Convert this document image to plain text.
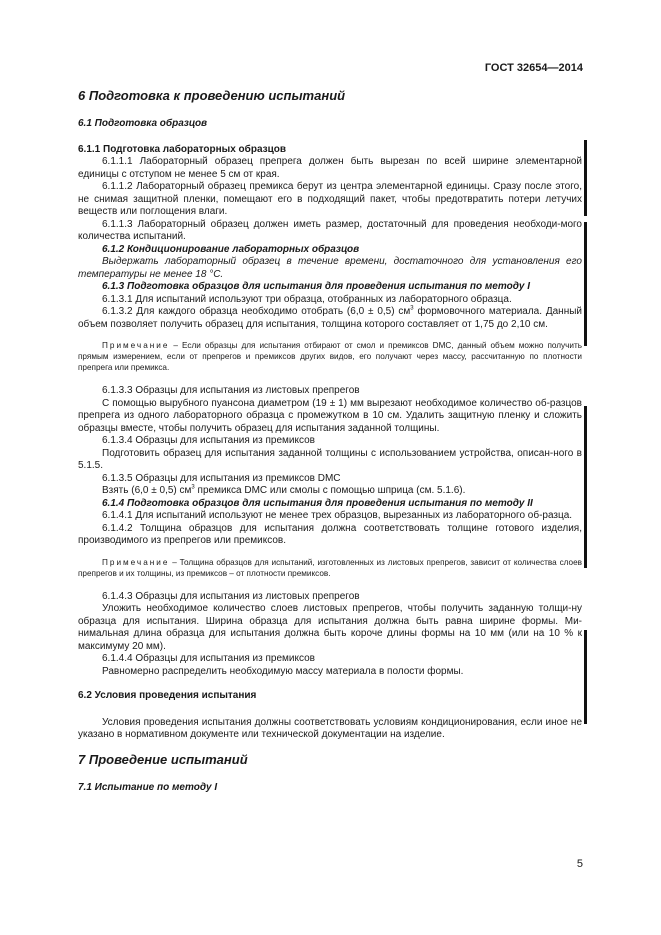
ГОСТ 32654—2014
6 Подготовка к проведению испытаний
6.1 Подготовка образцов
6.1.1 Подготовка лабораторных образцов

6.1.1.1 Лабораторный образец препрега должен быть вырезан по всей ширине элементарной единицы с отступом не менее 5 см от края.

6.1.1.2 Лабораторный образец премикса берут из центра элементарной единицы. Сразу после этого, не снимая защитной пленки, помещают его в подходящий пакет, чтобы предотвратить потери летучих веществ или поглощения влаги.

6.1.1.3 Лабораторный образец должен иметь размер, достаточный для проведения необходи-мого количества испытаний.

6.1.2 Кондиционирование лабораторных образцов

Выдержать лабораторный образец в течение времени, достаточного для установления его температуры не менее 18 °С.

6.1.3 Подготовка образцов для испытания для проведения испытания по методу I

6.1.3.1 Для испытаний используют три образца, отобранных из лабораторного образца.

6.1.3.2 Для каждого образца необходимо отобрать (6,0 ± 0,5) $см^3$ формовочного материала. Данный объем позволяет получить образец для испытания, толщина которого составляет от 1,75 до 2,10 см.

Примечание – Если образцы для испытания отбирают от смол и премиксов DMC, данный объем можно получить прямым измерением, если от препрегов и премиксов других видов, его получают через массу, рассчитанную по плотности препрега или премикса.

6.1.3.3 Образцы для испытания из листовых препрегов

С помощью вырубного пуансона диаметром (19 ± 1) мм вырезают необходимое количество об-разцов препрега из одного лабораторного образца с промежутком в 10 см. Удалить защитную пленку и сложить образцы вместе, чтобы получить образец для испытания заданной толщины.

6.1.3.4 Образцы для испытания из премиксов

Подготовить образец для испытания заданной толщины с использованием устройства, описан-ного в 5.1.5.

6.1.3.5 Образцы для испытания из премиксов DMC

Взять (6,0 ± 0,5) $см^3$ премикса DMC или смолы с помощью шприца (см. 5.1.6).

6.1.4 Подготовка образцов для испытания для проведения испытания по методу II

6.1.4.1 Для испытаний используют не менее трех образцов, вырезанных из лабораторного об-разца.

6.1.4.2 Толщина образцов для испытания должна соответствовать толщине готового изделия, производимого из препрегов или премиксов.

Примечание – Толщина образцов для испытаний, изготовленных из листовых препрегов, зависит от количества слоев препрегов и их толщины, из премиксов – от плотности премиксов.

6.1.4.3 Образцы для испытания из листовых препрегов

Уложить необходимое количество слоев листовых препрегов, чтобы получить заданную толщи-ну образца для испытания. Ширина образца для испытания должна быть равна ширине формы. Ми-нимальная длина образца для испытания должна быть короче длины формы на 10 мм (или на 10 % к максимуму 20 мм).

6.1.4.4 Образцы для испытания из премиксов

Равномерно распределить необходимую массу материала в полости формы.

6.2 Условия проведения испытания

Условия проведения испытания должны соответствовать условиям кондиционирования, если иное не указано в нормативном документе или технической документации на изделие.

7 Проведение испытаний
7.1 Испытание по методу I
5
